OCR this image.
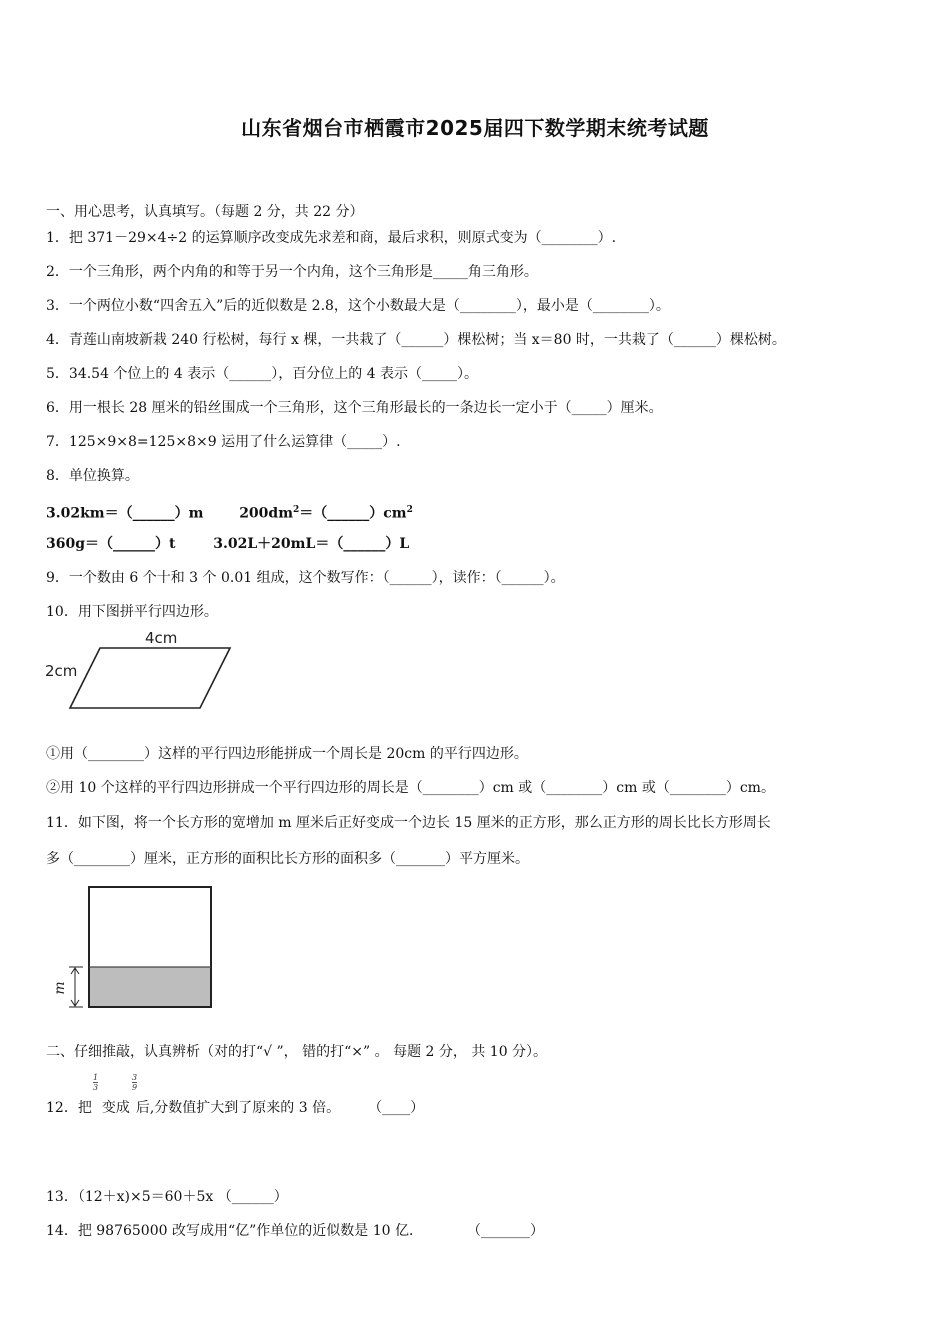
山东省烟台市栖霞市2025届四下数学期末统考试题
一、用心思考，认真填写。（每题 2 分，共 22 分）
1．把 371－29×4÷2 的运算顺序改变成先求差和商，最后求积，则原式变为（________）.
2．一个三角形，两个内角的和等于另一个内角，这个三角形是_____角三角形。
3．一个两位小数“四舍五入”后的近似数是 2.8，这个小数最大是（________），最小是（________）。
4．青莲山南坡新栽 240 行松树，每行 x 棵，一共栽了（______）棵松树；当 x＝80 时，一共栽了（______）棵松树。
5．34.54 个位上的 4 表示（______），百分位上的 4 表示（_____）。
6．用一根长 28 厘米的铅丝围成一个三角形，这个三角形最长的一条边长一定小于（_____）厘米。
7．125×9×8=125×8×9 运用了什么运算律（_____）.
8．单位换算。
3.02km＝（______）m	$200dm^2=(\_\_\_\_\_\_)cm^2$
360g＝（______）t	3.02L＋20mL＝（______）L
9．一个数由 6 个十和 3 个 0.01 组成，这个数写作：（______），读作：（______）。
10．用下图拼平行四边形。
4cm
2cm
①用（________）这样的平行四边形能拼成一个周长是 20cm 的平行四边形。
②用 10 个这样的平行四边形拼成一个平行四边形的周长是（________）cm 或（________）cm 或（________）cm。
11．如下图，将一个长方形的宽增加 m 厘米后正好变成一个边长 15 厘米的正方形，那么正方形的周长比长方形周长
多（________）厘米，正方形的面积比长方形的面积多（_______）平方厘米。
m
二、仔细推敲，认真辨析（对的打“√ ”， 错的打“×” 。 每题 2 分， 共 10 分）。
$\frac{1}{3}$	$\frac{3}{9}$
12．把 变成 后,分数值扩大到了原来的 3 倍。 （____）
13．（12＋x)×5＝60＋5x （______）
14．把 98765000 改写成用“亿”作单位的近似数是 10 亿．	（_______）
